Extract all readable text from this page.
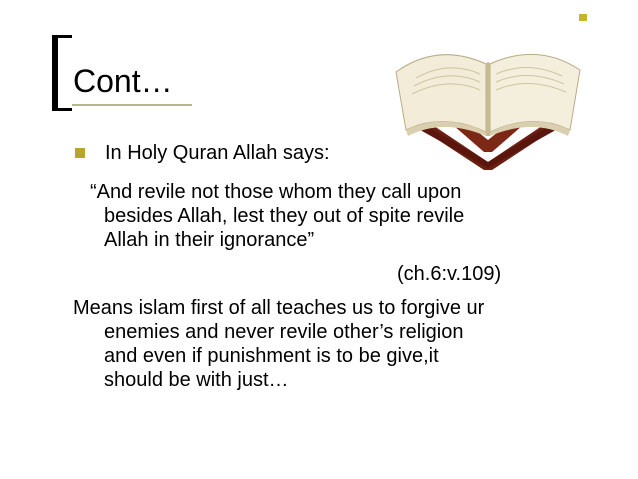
Cont…
In Holy Quran Allah says:
“And revile not those whom they call upon
besides Allah, lest they out of spite revile
Allah in their ignorance”
(ch.6:v.109)
Means islam first of all teaches us to forgive ur
enemies and never revile other’s religion
and even if punishment is to be give,it
should be with just…
